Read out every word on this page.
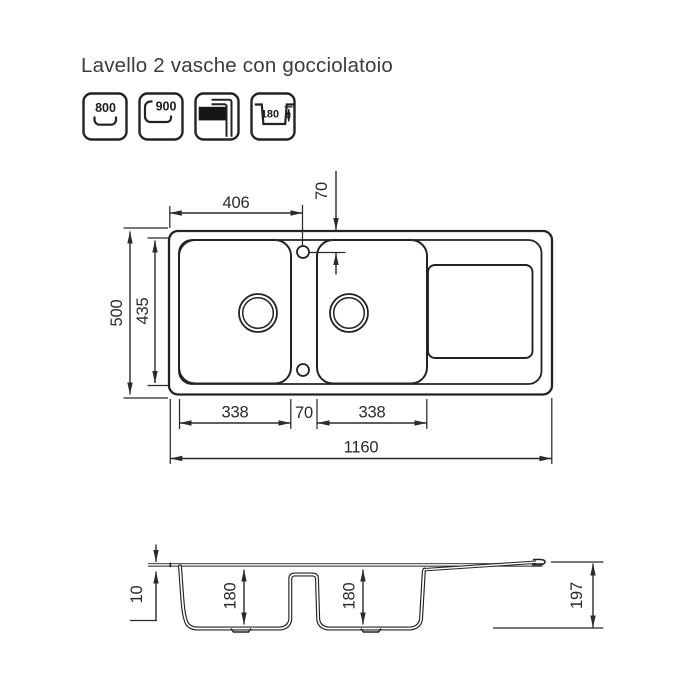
Lavello 2 vasche con gocciolatoio
800	900
180
406
70
500 435
338	70	338
1160
10	180	180	197
